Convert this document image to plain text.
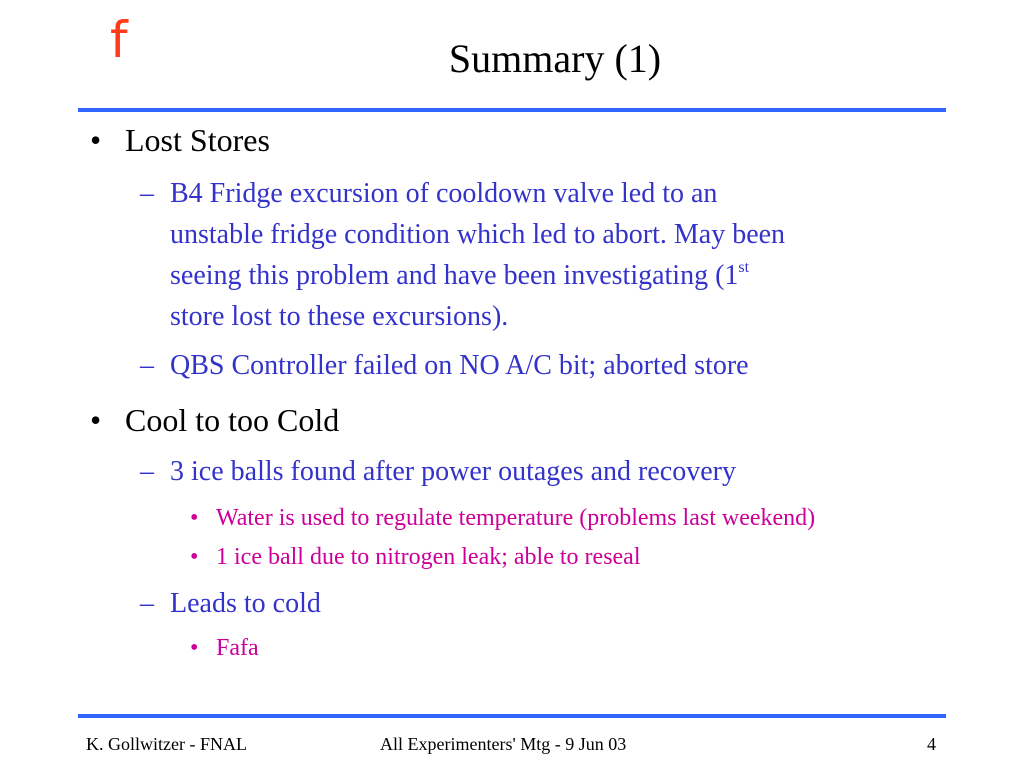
f	Summary (1)
• Lost Stores
– B4 Fridge excursion of cooldown valve led to an
unstable fridge condition which led to abort. May been
seeing this problem and have been investigating (1st
store lost to these excursions).
– QBS Controller failed on NO A/C bit; aborted store
• Cool to too Cold
– 3 ice balls found after power outages and recovery
• Water is used to regulate temperature (problems last weekend)
• 1 ice ball due to nitrogen leak; able to reseal
– Leads to cold
• Fafa
K. Gollwitzer - FNAL	All Experimenters' Mtg - 9 Jun 03	4
